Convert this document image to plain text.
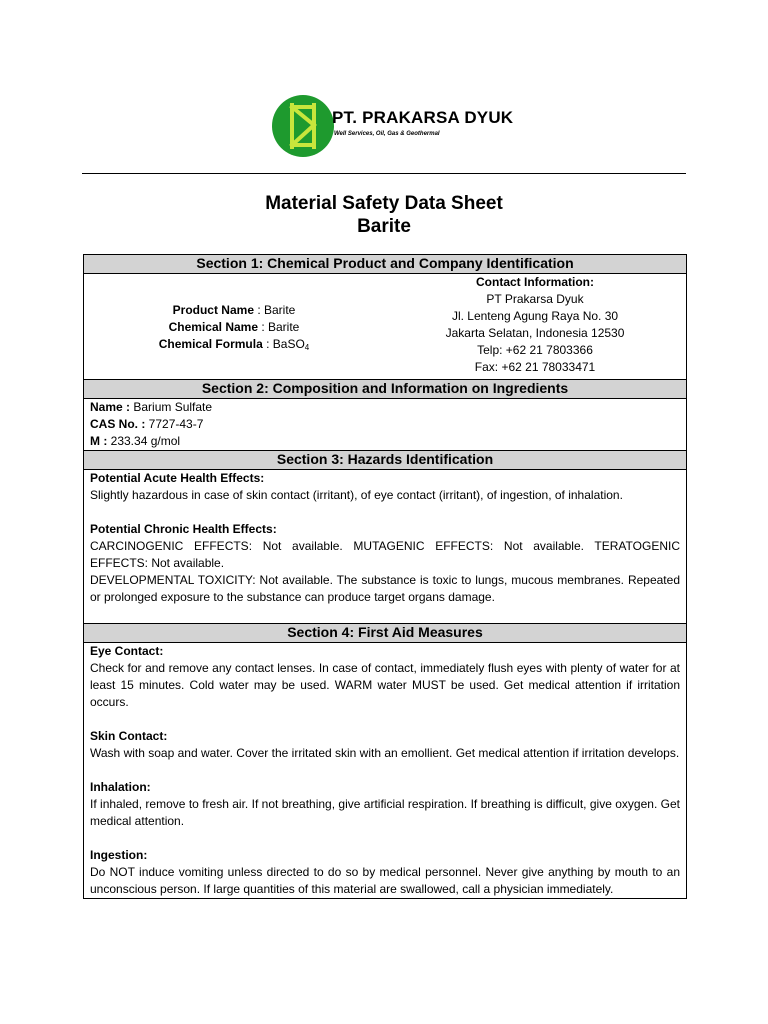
PT. PRAKARSA DYUK
Well Services, Oil, Gas & Geothermal
Material Safety Data Sheet
Barite
Section 1: Chemical Product and Company Identification
Product Name : Barite
Chemical Name : Barite
Chemical Formula : BaSO$_4$
Contact Information:
PT Prakarsa Dyuk
Jl. Lenteng Agung Raya No. 30
Jakarta Selatan, Indonesia 12530
Telp: +62 21 7803366
Fax: +62 21 78033471
Section 2: Composition and Information on Ingredients
Name : Barium Sulfate
CAS No. : 7727-43-7
M : 233.34 g/mol
Section 3: Hazards Identification
Potential Acute Health Effects:
Slightly hazardous in case of skin contact (irritant), of eye contact (irritant), of ingestion, of inhalation.
Potential Chronic Health Effects:
CARCINOGENIC EFFECTS: Not available. MUTAGENIC EFFECTS: Not available. TERATOGENIC EFFECTS: Not available.
DEVELOPMENTAL TOXICITY: Not available. The substance is toxic to lungs, mucous membranes. Repeated or prolonged exposure to the substance can produce target organs damage.
Section 4: First Aid Measures
Eye Contact:
Check for and remove any contact lenses. In case of contact, immediately flush eyes with plenty of water for at least 15 minutes. Cold water may be used. WARM water MUST be used. Get medical attention if irritation occurs.
Skin Contact:
Wash with soap and water. Cover the irritated skin with an emollient. Get medical attention if irritation develops.
Inhalation:
If inhaled, remove to fresh air. If not breathing, give artificial respiration. If breathing is difficult, give oxygen. Get medical attention.
Ingestion:
Do NOT induce vomiting unless directed to do so by medical personnel. Never give anything by mouth to an unconscious person. If large quantities of this material are swallowed, call a physician immediately.
